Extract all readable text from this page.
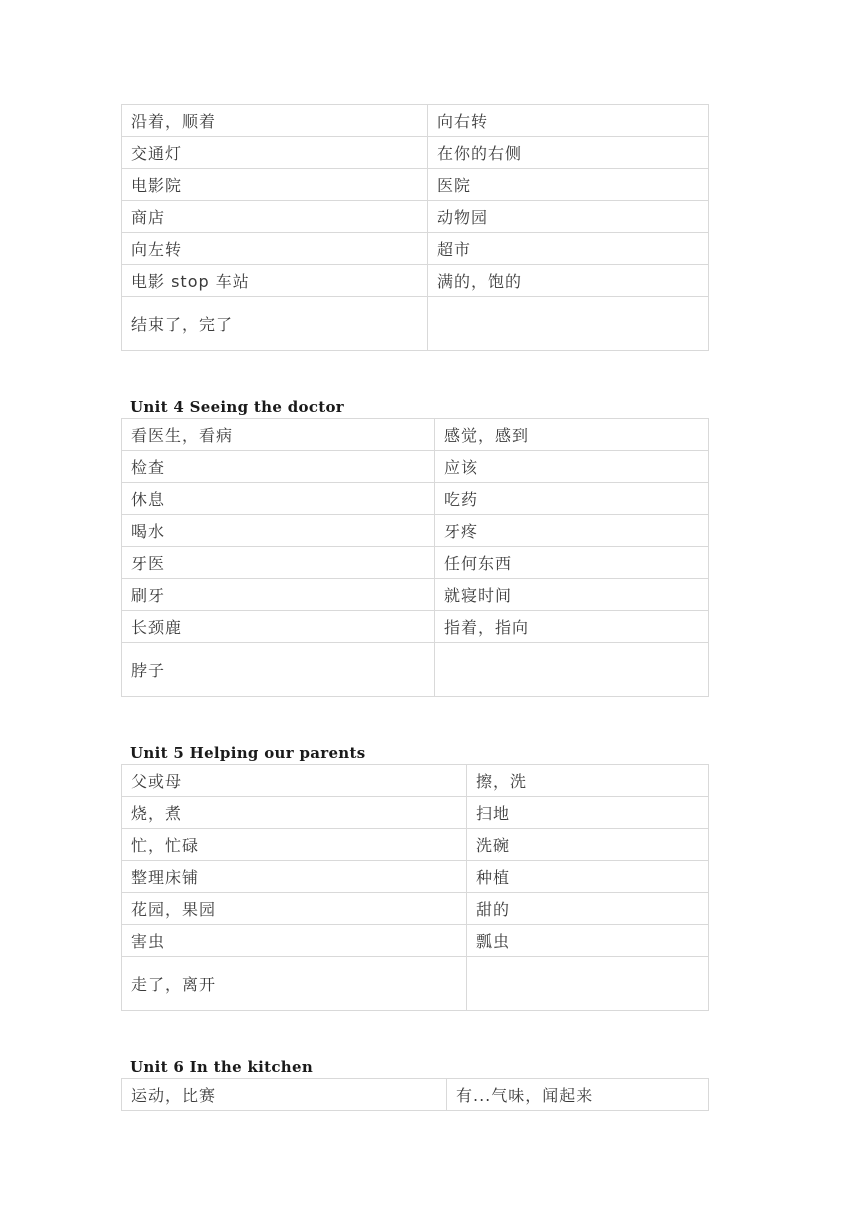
沿着，顺着	向右转
交通灯	在你的右侧
电影院	医院
商店	动物园
向左转	超市
电影 stop 车站	满的，饱的
结束了，完了	
Unit 4 Seeing the doctor
看医生，看病	感觉，感到
检查	应该
休息	吃药
喝水	牙疼
牙医	任何东西
刷牙	就寝时间
长颈鹿	指着，指向
脖子	
Unit 5 Helping our parents
父或母	擦，洗
烧，煮	扫地
忙，忙碌	洗碗
整理床铺	种植
花园，果园	甜的
害虫	瓢虫
走了，离开	
Unit 6 In the kitchen
运动，比赛	有...气味，闻起来
